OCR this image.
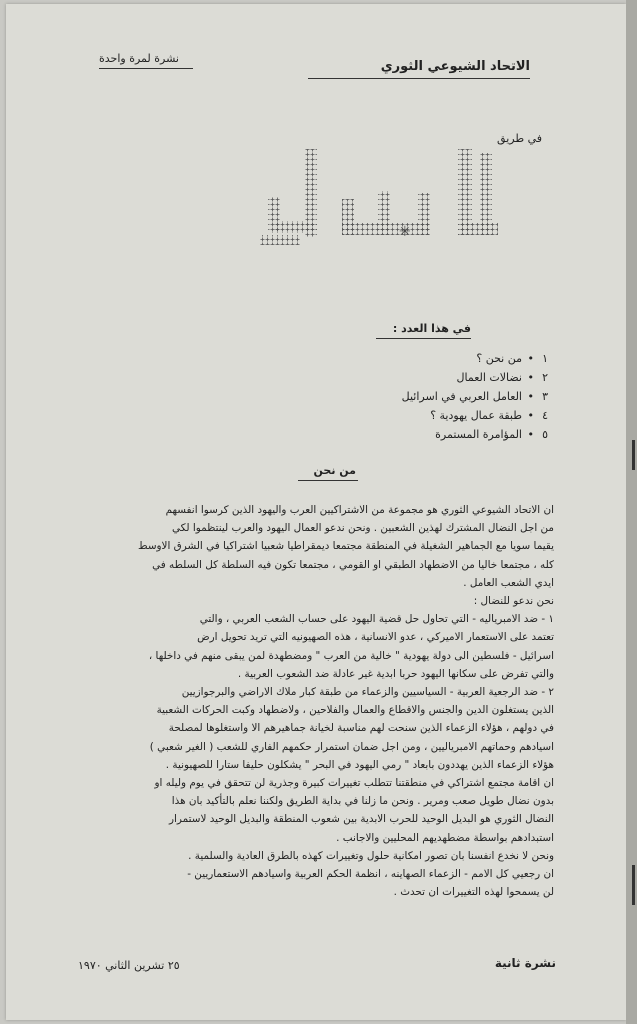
الاتحاد الشيوعي الثوري
نشرة لمرة واحدة
في طريق
✳
في هذا العدد :
١•من نحن ؟
٢•نضالات العمال
٣•العامل العربي في اسرائيل
٤•طبقة عمال يهودية ؟
٥•المؤامرة المستمرة
من نحن
ان الاتحاد الشيوعي الثوري هو مجموعة من الاشتراكيين العرب واليهود الذين كرسوا انفسهم
من اجل النضال المشترك لهذين الشعبين . ونحن ندعو العمال اليهود والعرب لينتظموا لكي
يقيما سويا مع الجماهير الشغيلة في المنطقة مجتمعا ديمقراطيا شعبيا اشتراكيا في الشرق الاوسط
كله ، مجتمعا خاليا من الاضطهاد الطبقي او القومي ، مجتمعا تكون فيه السلطة كل السلطه في
ايدي الشعب العامل .
نحن ندعو للنضال :
١ - ضد الامبرياليه - التي تحاول حل قضية اليهود على حساب الشعب العربي ، والتي
تعتمد على الاستعمار الاميركي ، عدو الانسانية ، هذه الصهيونيه التي تريد تحويل ارض
اسرائيل - فلسطين الى دولة يهودية " خالية من العرب " ومضطهدة لمن يبقى منهم في داخلها ،
والتي تفرض على سكانها اليهود حربا ابدية غير عادلة ضد الشعوب العربية .
٢ - ضد الرجعية العربية - السياسيين والزعماء من طبقة كبار ملاك الاراضي والبرجوازيين
الذين يستغلون الدين والجنس والاقطاع والعمال والفلاحين ، ولاضطهاد وكبت الحركات الشعبية
في دولهم ، هؤلاء الزعماء الذين سنحت لهم مناسبة لخيانة جماهيرهم الا واستغلوها لمصلحة
اسيادهم وحماتهم الامبرياليين ، ومن اجل ضمان استمرار حكمهم الفاري للشعب ( الغير شعبي )
هؤلاء الزعماء الذين يهددون بابعاد " رمي اليهود في البحر " يشكلون حليفا ستارا للصهيونية .
ان اقامة مجتمع اشتراكي في منطقتنا تتطلب تغييرات كبيرة وجذرية لن تتحقق في يوم وليله او
بدون نضال طويل صعب ومرير . ونحن ما زلنا في بداية الطريق ولكننا نعلم بالتأكيد بان هذا
النضال الثوري هو البديل الوحيد للحرب الابدية بين شعوب المنطقة والبديل الوحيد لاستمرار
استبدادهم بواسطة مضطهديهم المحليين والاجانب .
ونحن لا نخدع انفسنا بان تصور امكانية حلول وتغييرات كهذه بالطرق العادية والسلمية .
ان رجعيي كل الامم - الزعماء الصهاينه ، انظمة الحكم العربية واسيادهم الاستعماريين -
لن يسمحوا لهذه التغييرات ان تحدث .
٢٥ تشرين الثاني ١٩٧٠	نشرة ثانية
